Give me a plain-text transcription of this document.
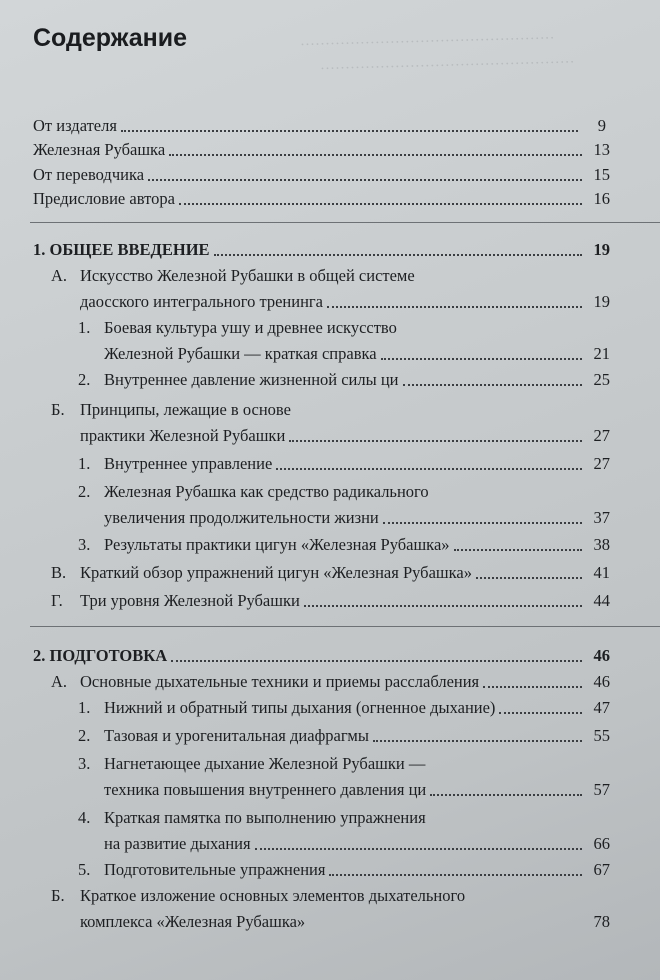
···················································
···················································
Содержание
От издателя	9
Железная Рубашка	13
От переводчика	15
Предисловие автора	16
1. ОБЩЕЕ ВВЕДЕНИЕ	19
А. Искусство Железной Рубашки в общей системе
даосского интегрального тренинга	19
1. Боевая культура ушу и древнее искусство
Железной Рубашки — краткая справка	21
2. Внутреннее давление жизненной силы ци	25
Б. Принципы, лежащие в основе
практики Железной Рубашки	27
1. Внутреннее управление	27
2. Железная Рубашка как средство радикального
увеличения продолжительности жизни	37
3. Результаты практики цигун «Железная Рубашка»	38
В. Краткий обзор упражнений цигун «Железная Рубашка»	41
Г.	Три уровня Железной Рубашки	44
2. ПОДГОТОВКА	46
А. Основные дыхательные техники и приемы расслабления	46
1. Нижний и обратный типы дыхания (огненное дыхание)	47
2. Тазовая и урогенитальная диафрагмы	55
3. Нагнетающее дыхание Железной Рубашки —
техника повышения внутреннего давления ци	57
4. Краткая памятка по выполнению упражнения
на развитие дыхания	66
5. Подготовительные упражнения	67
Б. Краткое изложение основных элементов дыхательного
комплекса «Железная Рубашка»	78
